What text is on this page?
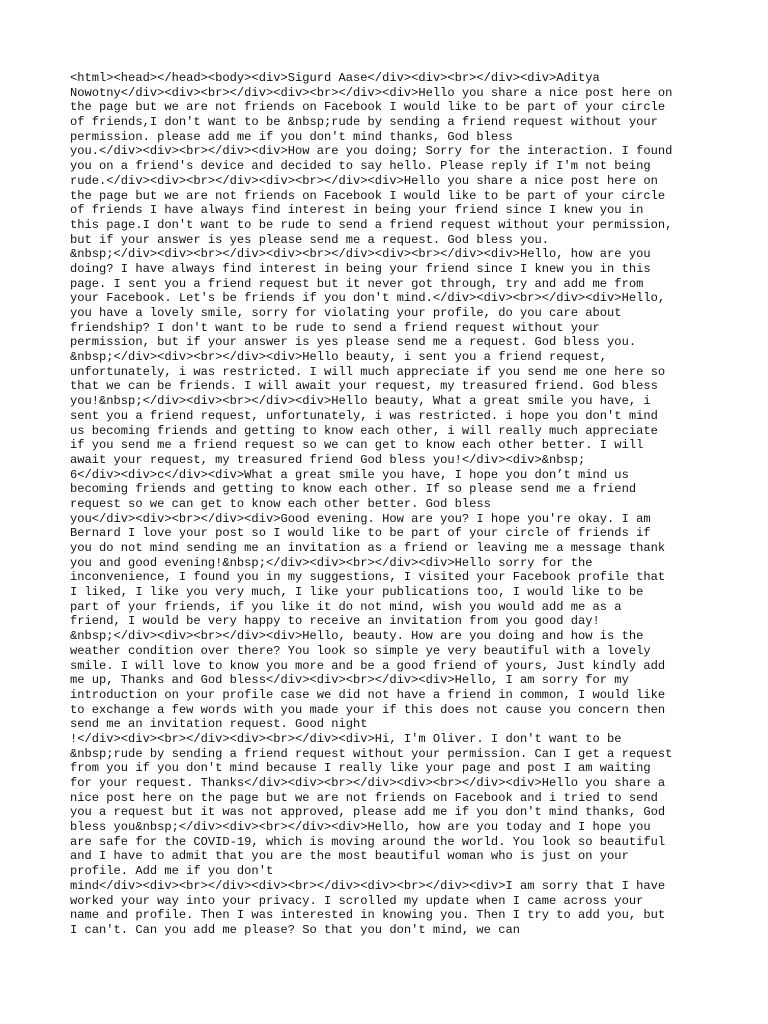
<html><head></head><body><div>Sigurd Aase</div><div><br></div><div>Aditya
Nowotny</div><div><br></div><div><br></div><div>Hello you share a nice post here on
the page but we are not friends on Facebook I would like to be part of your circle
of friends,I don't want to be &nbsp;rude by sending a friend request without your
permission. please add me if you don't mind thanks, God bless
you.</div><div><br></div><div>How are you doing; Sorry for the interaction. I found
you on a friend's device and decided to say hello. Please reply if I'm not being
rude.</div><div><br></div><div><br></div><div>Hello you share a nice post here on
the page but we are not friends on Facebook I would like to be part of your circle
of friends I have always find interest in being your friend since I knew you in
this page.I don't want to be rude to send a friend request without your permission,
but if your answer is yes please send me a request. God bless you.
&nbsp;</div><div><br></div><div><br></div><div><br></div><div>Hello, how are you
doing? I have always find interest in being your friend since I knew you in this
page. I sent you a friend request but it never got through, try and add me from
your Facebook. Let's be friends if you don't mind.</div><div><br></div><div>Hello,
you have a lovely smile, sorry for violating your profile, do you care about
friendship? I don't want to be rude to send a friend request without your
permission, but if your answer is yes please send me a request. God bless you.
&nbsp;</div><div><br></div><div>Hello beauty, i sent you a friend request,
unfortunately, i was restricted. I will much appreciate if you send me one here so
that we can be friends. I will await your request, my treasured friend. God bless
you!&nbsp;</div><div><br></div><div>Hello beauty, What a great smile you have, i
sent you a friend request, unfortunately, i was restricted. i hope you don't mind
us becoming friends and getting to know each other, i will really much appreciate
if you send me a friend request so we can get to know each other better. I will
await your request, my treasured friend God bless you!</div><div>&nbsp;
6</div><div>c</div><div>What a great smile you have, I hope you don’t mind us
becoming friends and getting to know each other. If so please send me a friend
request so we can get to know each other better. God bless
you</div><div><br></div><div>Good evening. How are you? I hope you're okay. I am
Bernard I love your post so I would like to be part of your circle of friends if
you do not mind sending me an invitation as a friend or leaving me a message thank
you and good evening!&nbsp;</div><div><br></div><div>Hello sorry for the
inconvenience, I found you in my suggestions, I visited your Facebook profile that
I liked, I like you very much, I like your publications too, I would like to be
part of your friends, if you like it do not mind, wish you would add me as a
friend, I would be very happy to receive an invitation from you good day!
&nbsp;</div><div><br></div><div>Hello, beauty. How are you doing and how is the
weather condition over there? You look so simple ye very beautiful with a lovely
smile. I will love to know you more and be a good friend of yours, Just kindly add
me up, Thanks and God bless</div><div><br></div><div>Hello, I am sorry for my
introduction on your profile case we did not have a friend in common, I would like
to exchange a few words with you made your if this does not cause you concern then
send me an invitation request. Good night
!</div><div><br></div><div><br></div><div>Hi, I'm Oliver. I don't want to be
&nbsp;rude by sending a friend request without your permission. Can I get a request
from you if you don't mind because I really like your page and post I am waiting
for your request. Thanks</div><div><br></div><div><br></div><div>Hello you share a
nice post here on the page but we are not friends on Facebook and i tried to send
you a request but it was not approved, please add me if you don't mind thanks, God
bless you&nbsp;</div><div><br></div><div>Hello, how are you today and I hope you
are safe for the COVID-19, which is moving around the world. You look so beautiful
and I have to admit that you are the most beautiful woman who is just on your
profile. Add me if you don't
mind</div><div><br></div><div><br></div><div><br></div><div>I am sorry that I have
worked your way into your privacy. I scrolled my update when I came across your
name and profile. Then I was interested in knowing you. Then I try to add you, but
I can't. Can you add me please? So that you don't mind, we can
